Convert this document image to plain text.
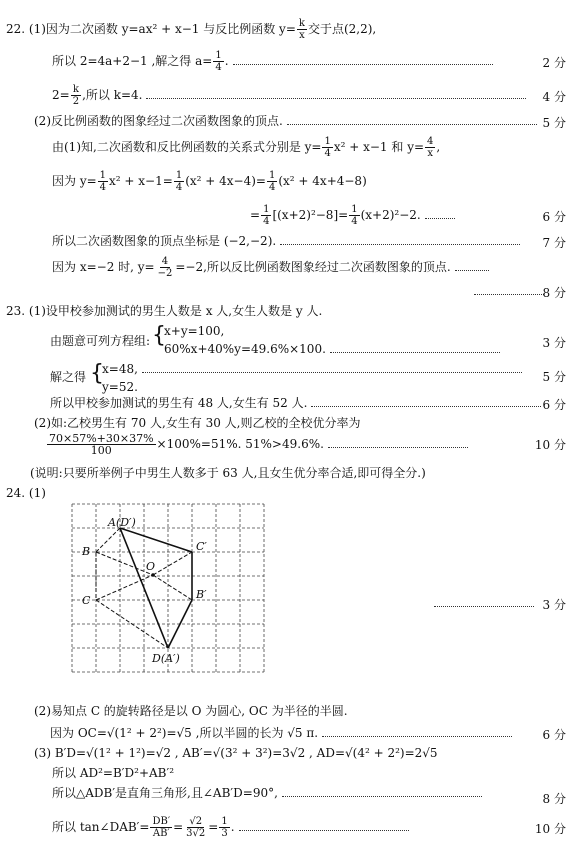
22. (1)因为二次函数 y=ax² + x−1 与反比例函数 $y= \frac{k}{x}$ 交于点(2,2),
所以 2=4a+2−1 ,解之得 $a= \frac{1}{4}$ .	2 分
$2= \frac{k}{2}$ ,所以 k=4.	4 分
(2)反比例函数的图象经过二次函数图象的顶点.	5 分
由(1)知,二次函数和反比例函数的关系式分别是 $y= \frac{1}{4} x^2 + x-1$ 和 $y= \frac{4}{x}$ ,
因为 $y= \frac{1}{4} x^2 + x-1= \frac{1}{4} (x^2 + 4x-4)= \frac{1}{4} (x^2 + 4x+4-8)$
= $\frac{1}{4} [(x+2)^2-8]= \frac{1}{4} (x+2)^2-2$.	6 分
所以二次函数图象的顶点坐标是 (−2,−2).	7 分
因为 x=−2 时, $y= \frac{4}{-2} =-2$,所以反比例函数图象经过二次函数图象的顶点.
8 分
23. (1)设甲校参加测试的男生人数是 x 人,女生人数是 y 人.
由题意可列方程组: {
x+y=100,
60%x+40%y=49.6%×100.	3 分
解之得 {
x=48,
y=52.
5 分
所以甲校参加测试的男生有 48 人,女生有 52 人.	6 分
(2)如:乙校男生有 70 人,女生有 30 人,则乙校的全校优分率为
$\frac{70\times 57\%+30\times 37\%}{100} \times 100\%=51\%$. 51%>49.6%.	10 分
(说明:只要所举例子中男生人数多于 63 人,且女生优分率合适,即可得全分.)
24. (1)
A(D′)
B
C
O
C′
B′
D(A′)
3 分
(2)易知点 C 的旋转路径是以 O 为圆心, OC 为半径的半圆.
因为 OC=√(1² + 2²)=√5 ,所以半圆的长为 √5 π.	6 分
(3) B′D=√(1² + 1²)=√2 , AB′=√(3² + 3²)=3√2 , AD=√(4² + 2²)=2√5
所以 AD²=B′D²+AB′²
所以△ADB′是直角三角形,且∠AB′D=90°,	8 分
所以 tan∠DAB′= $\frac{DB'}{AB'} = \frac{√2}{3√2} = \frac{1}{3}$ .	10 分
